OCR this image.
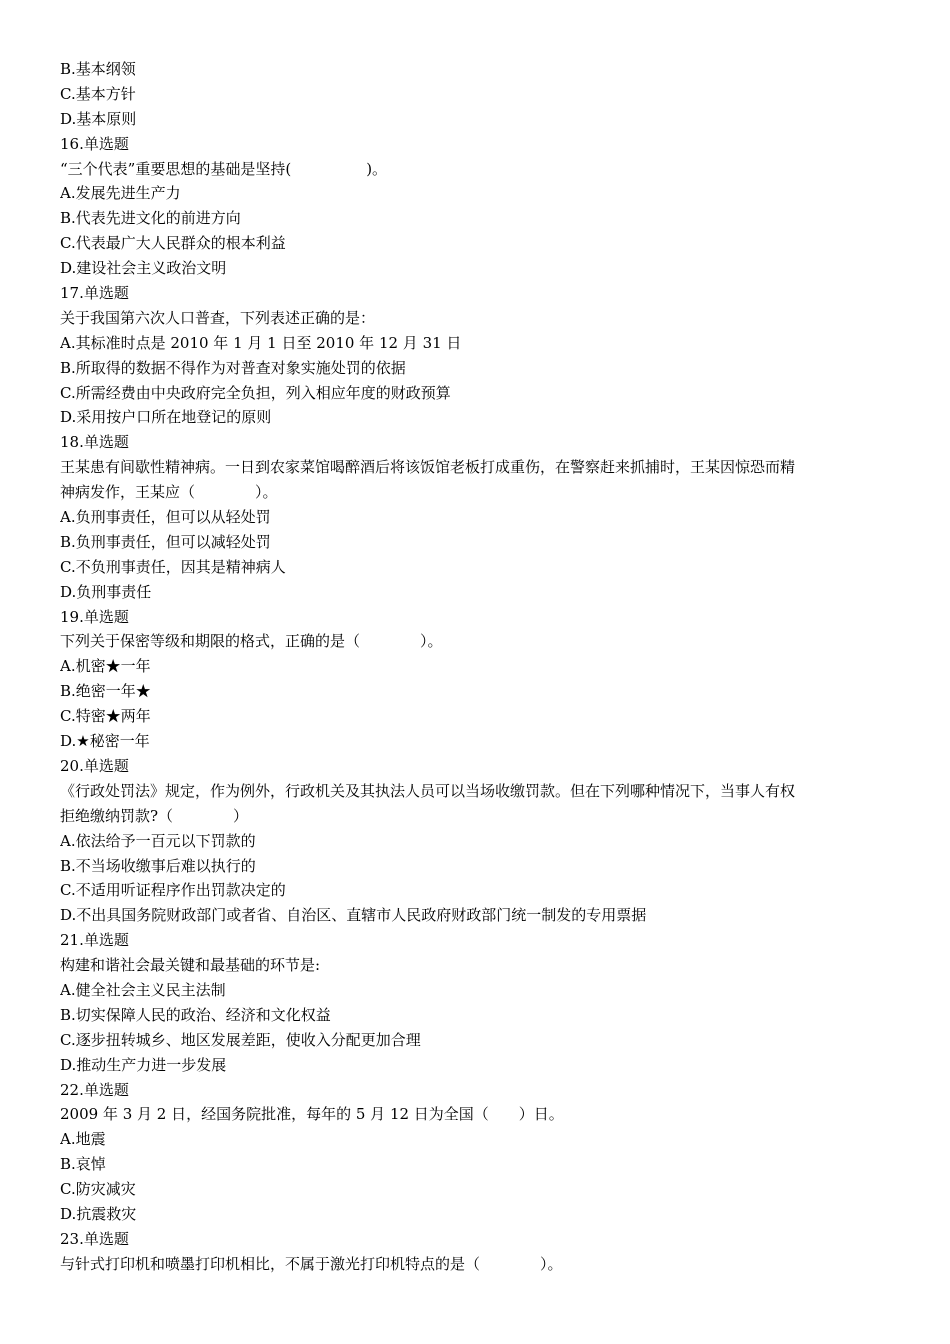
B.基本纲领
C.基本方针
D.基本原则
16.单选题
“三个代表”重要思想的基础是坚持(　　　　　)。
A.发展先进生产力
B.代表先进文化的前进方向
C.代表最广大人民群众的根本利益
D.建设社会主义政治文明
17.单选题
关于我国第六次人口普查，下列表述正确的是：
A.其标准时点是 2010 年 1 月 1 日至 2010 年 12 月 31 日
B.所取得的数据不得作为对普查对象实施处罚的依据
C.所需经费由中央政府完全负担，列入相应年度的财政预算
D.采用按户口所在地登记的原则
18.单选题
王某患有间歇性精神病。一日到农家菜馆喝醉酒后将该饭馆老板打成重伤，在警察赶来抓捕时，王某因惊恐而精
神病发作，王某应（　　　　）。
A.负刑事责任，但可以从轻处罚
B.负刑事责任，但可以减轻处罚
C.不负刑事责任，因其是精神病人
D.负刑事责任
19.单选题
下列关于保密等级和期限的格式，正确的是（　　　　）。
A.机密★一年
B.绝密一年★
C.特密★两年
D.★秘密一年
20.单选题
《行政处罚法》规定，作为例外，行政机关及其执法人员可以当场收缴罚款。但在下列哪种情况下，当事人有权
拒绝缴纳罚款?（　　　　）
A.依法给予一百元以下罚款的
B.不当场收缴事后难以执行的
C.不适用听证程序作出罚款决定的
D.不出具国务院财政部门或者省、自治区、直辖市人民政府财政部门统一制发的专用票据
21.单选题
构建和谐社会最关键和最基础的环节是:
A.健全社会主义民主法制
B.切实保障人民的政治、经济和文化权益
C.逐步扭转城乡、地区发展差距，使收入分配更加合理
D.推动生产力进一步发展
22.单选题
2009 年 3 月 2 日，经国务院批准，每年的 5 月 12 日为全国（　　）日。
A.地震
B.哀悼
C.防灾减灾
D.抗震救灾
23.单选题
与针式打印机和喷墨打印机相比，不属于激光打印机特点的是（　　　　）。
